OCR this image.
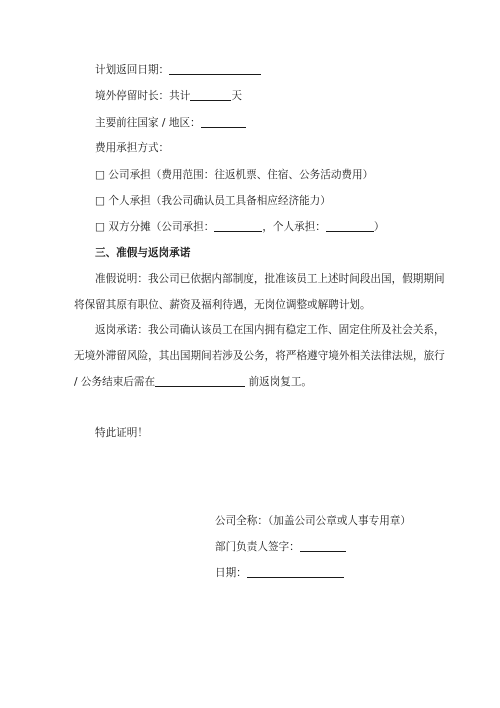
计划返回日期：
境外停留时长：共计	天
主要前往国家 / 地区：
费用承担方式：
□ 公司承担（费用范围：往返机票、住宿、公务活动费用）
□ 个人承担（我公司确认员工具备相应经济能力）
□ 双方分摊（公司承担：	，个人承担：	）
三、准假与返岗承诺
准假说明：我公司已依据内部制度，批准该员工上述时间段出国，假期期间
将保留其原有职位、薪资及福利待遇，无岗位调整或解聘计划。
返岗承诺：我公司确认该员工在国内拥有稳定工作、固定住所及社会关系，
无境外滞留风险，其出国期间若涉及公务，将严格遵守境外相关法律法规，旅行
/ 公务结束后需在	前返岗复工。
特此证明！
公司全称：（加盖公司公章或人事专用章）
部门负责人签字：
日期：
